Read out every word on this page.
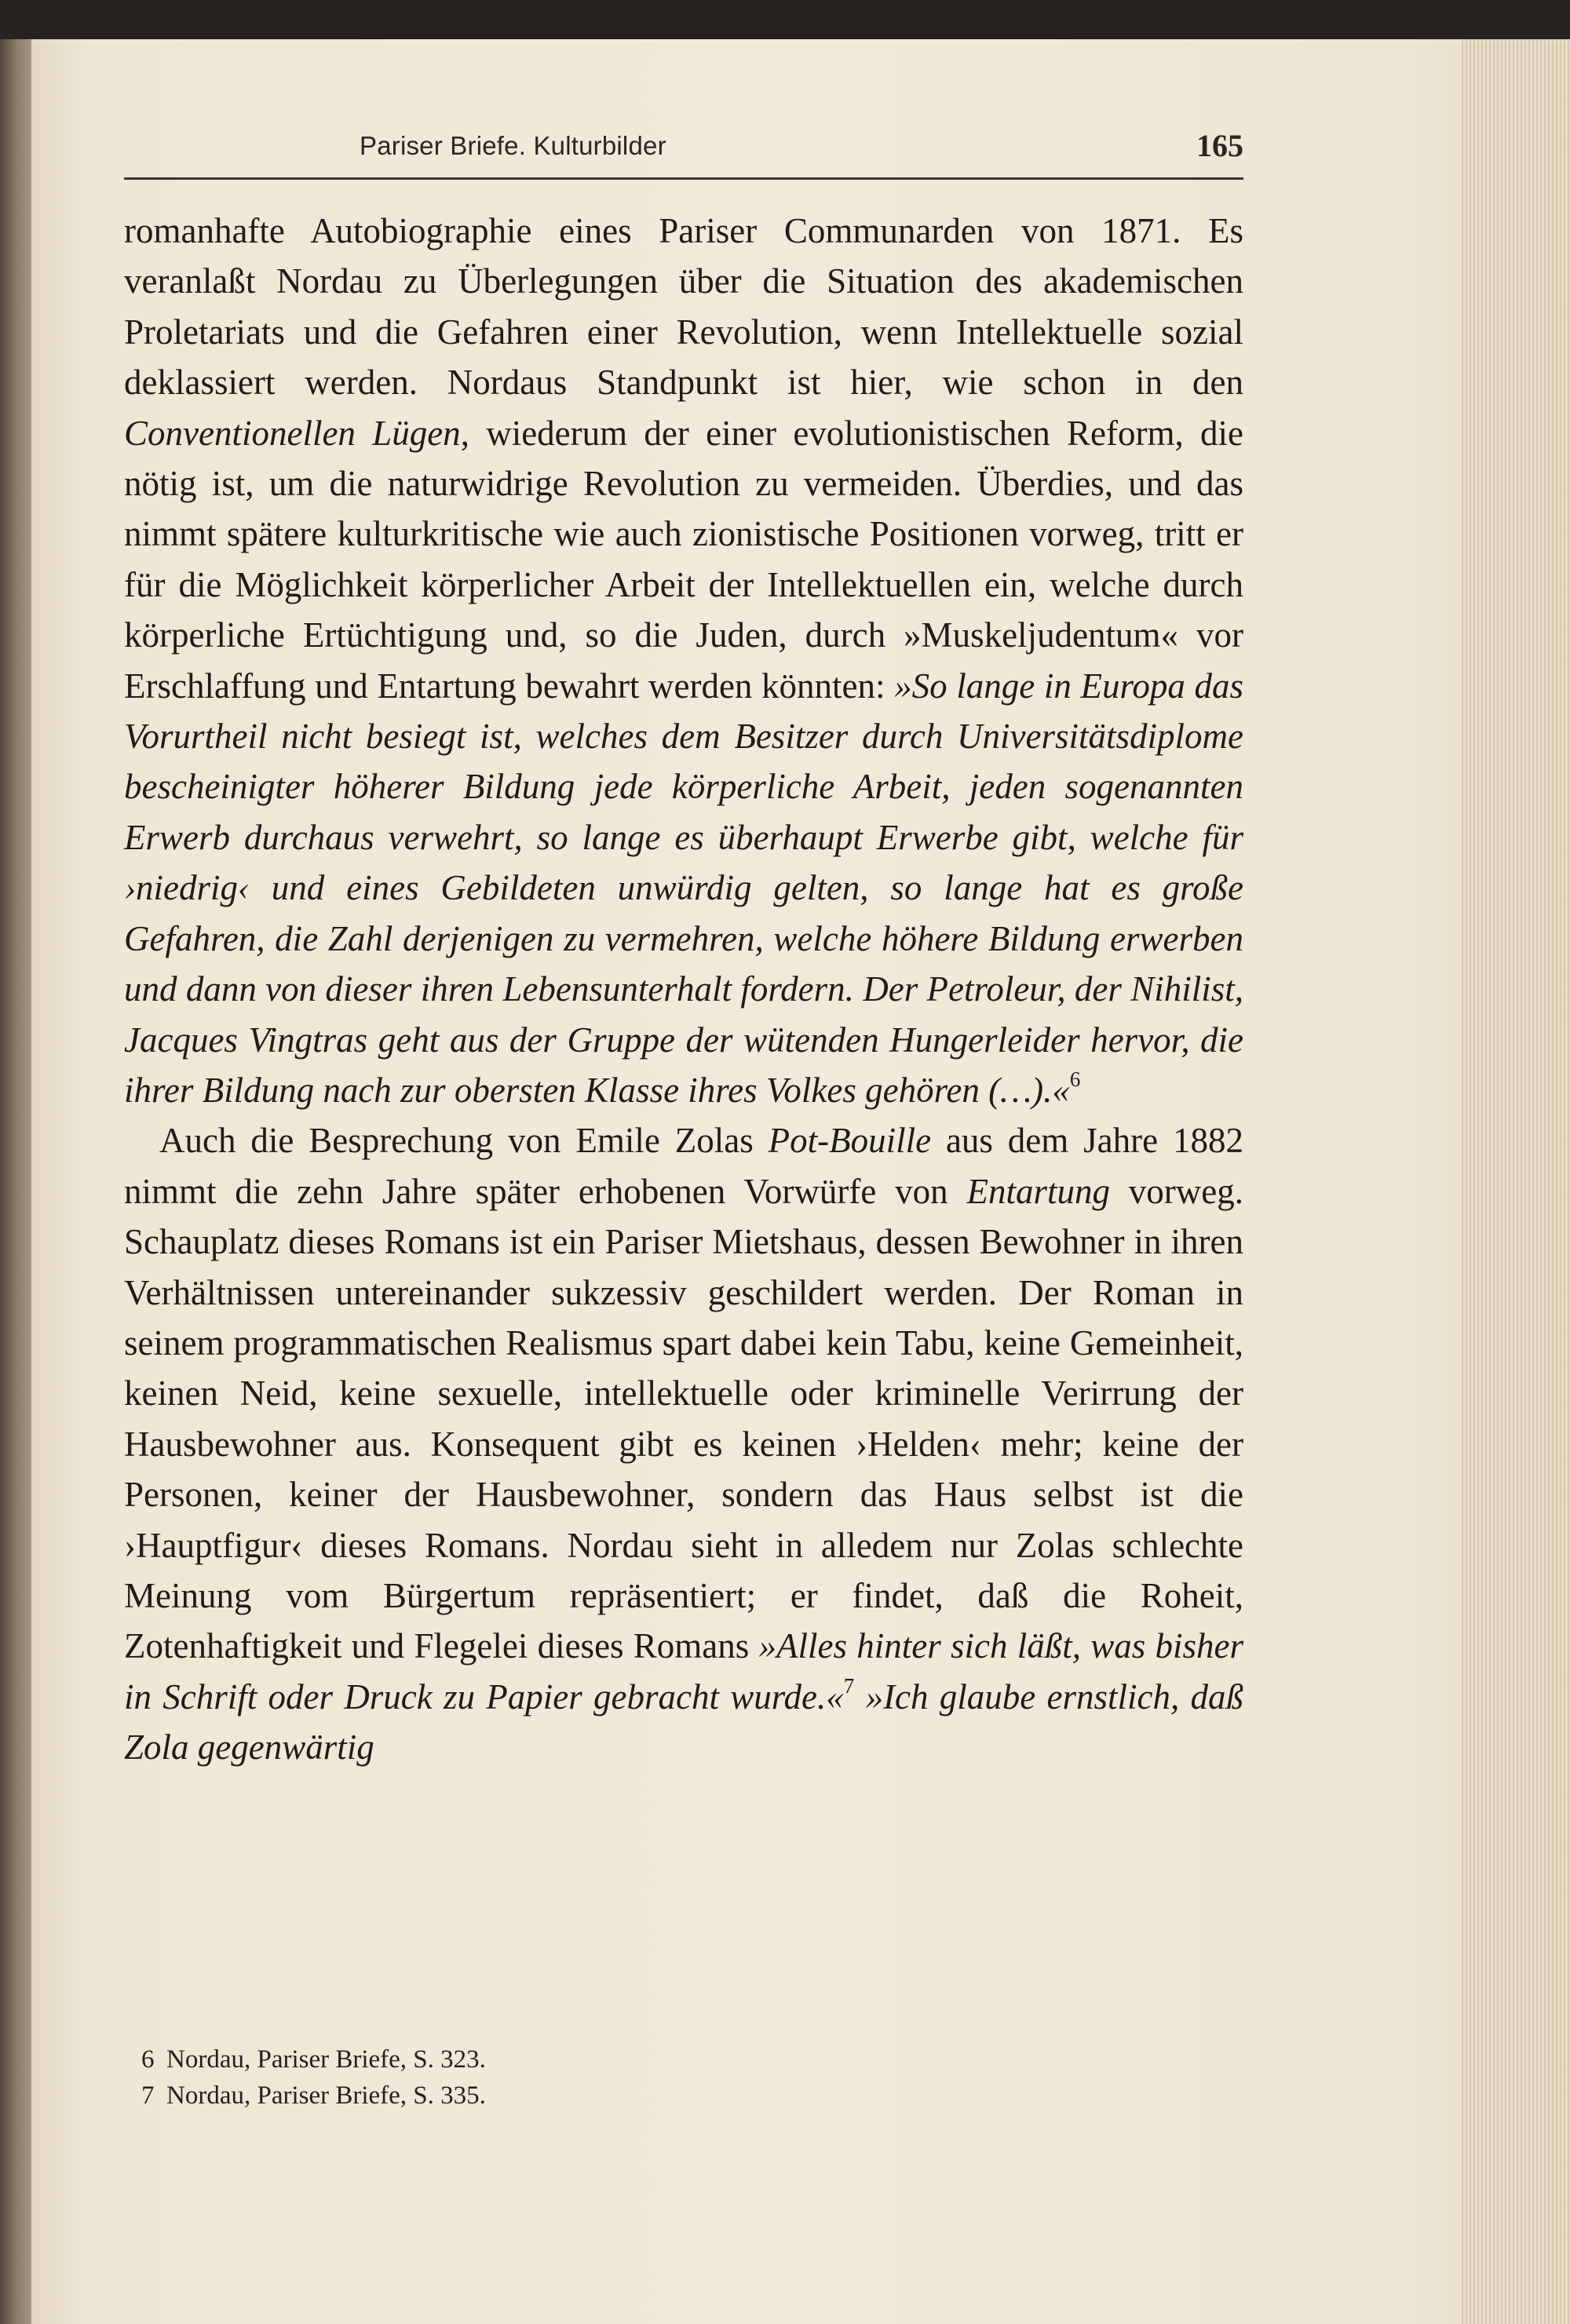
Pariser Briefe. Kulturbilder	165

romanhafte Autobiographie eines Pariser Communarden von 1871. Es veranlaßt Nordau zu Überlegungen über die Situation des akademischen Proletariats und die Gefahren einer Revolution, wenn Intellektuelle sozial deklassiert werden. Nordaus Standpunkt ist hier, wie schon in den Conventionellen Lügen, wiederum der einer evolutionistischen Reform, die nötig ist, um die naturwidrige Revolution zu vermeiden. Überdies, und das nimmt spätere kulturkritische wie auch zionistische Positionen vorweg, tritt er für die Möglichkeit körperlicher Arbeit der Intellektuellen ein, welche durch körperliche Ertüchtigung und, so die Juden, durch »Muskeljudentum« vor Erschlaffung und Entartung bewahrt werden könnten: »So lange in Europa das Vorurtheil nicht besiegt ist, welches dem Besitzer durch Universitätsdiplome bescheinigter höherer Bildung jede körperliche Arbeit, jeden sogenannten Erwerb durchaus verwehrt, so lange es überhaupt Erwerbe gibt, welche für ›niedrig‹ und eines Gebildeten unwürdig gelten, so lange hat es große Gefahren, die Zahl derjenigen zu vermehren, welche höhere Bildung erwerben und dann von dieser ihren Lebensunterhalt fordern. Der Petroleur, der Nihilist, Jacques Vingtras geht aus der Gruppe der wütenden Hungerleider hervor, die ihrer Bildung nach zur obersten Klasse ihres Volkes gehören (…).«$^6$

Auch die Besprechung von Emile Zolas Pot-Bouille aus dem Jahre 1882 nimmt die zehn Jahre später erhobenen Vorwürfe von Entartung vorweg. Schauplatz dieses Romans ist ein Pariser Mietshaus, dessen Bewohner in ihren Verhältnissen untereinander sukzessiv geschildert werden. Der Roman in seinem programmatischen Realismus spart dabei kein Tabu, keine Gemeinheit, keinen Neid, keine sexuelle, intellektuelle oder kriminelle Verirrung der Hausbewohner aus. Konsequent gibt es keinen ›Helden‹ mehr; keine der Personen, keiner der Hausbewohner, sondern das Haus selbst ist die ›Hauptfigur‹ dieses Romans. Nordau sieht in alledem nur Zolas schlechte Meinung vom Bürgertum repräsentiert; er findet, daß die Roheit, Zotenhaftigkeit und Flegelei dieses Romans »Alles hinter sich läßt, was bisher in Schrift oder Druck zu Papier gebracht wurde.«$^7$ »Ich glaube ernstlich, daß Zola gegenwärtig

6 Nordau, Pariser Briefe, S. 323.
7 Nordau, Pariser Briefe, S. 335.
